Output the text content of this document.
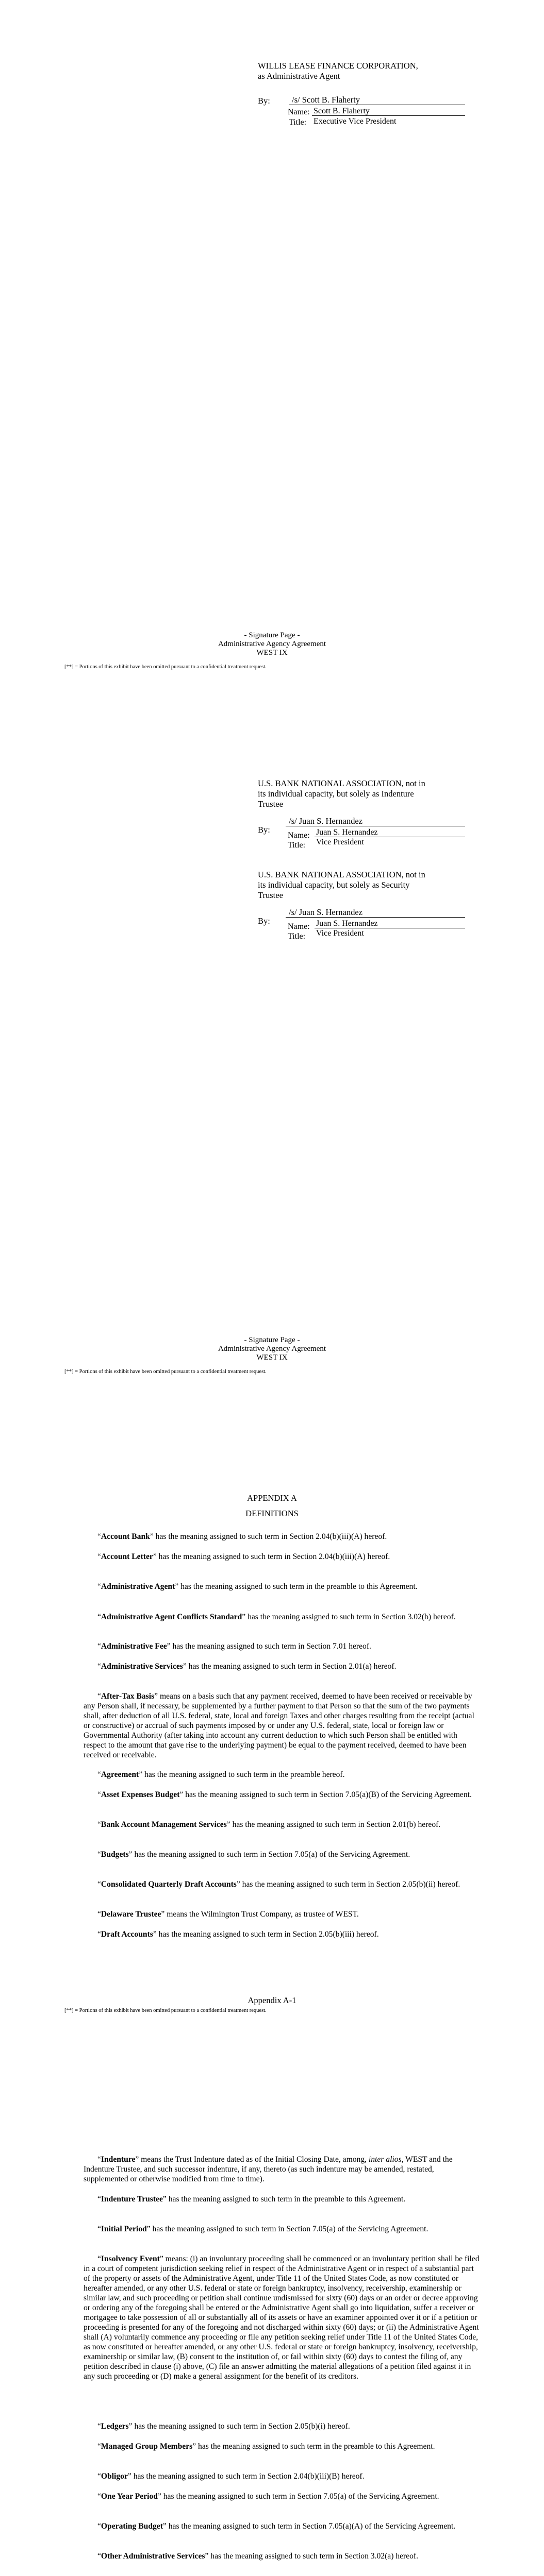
WILLIS LEASE FINANCE CORPORATION,
as Administrative Agent
By:	/s/ Scott B. Flaherty
Name: Scott B. Flaherty
Title: Executive Vice President
- Signature Page -
Administrative Agency Agreement
WEST IX
[**] = Portions of this exhibit have been omitted pursuant to a confidential treatment request.
U.S. BANK NATIONAL ASSOCIATION, not in
its individual capacity, but solely as Indenture
Trustee
By:
/s/ Juan S. Hernandez
Name: Juan S. Hernandez
Title: Vice President
U.S. BANK NATIONAL ASSOCIATION, not in
its individual capacity, but solely as Security
Trustee
By:
/s/ Juan S. Hernandez
Name: Juan S. Hernandez
Title: Vice President
- Signature Page -
Administrative Agency Agreement
WEST IX
[**] = Portions of this exhibit have been omitted pursuant to a confidential treatment request.
APPENDIX A
DEFINITIONS
“Account Bank” has the meaning assigned to such term in Section 2.04(b)(iii)(A) hereof.
“Account Letter” has the meaning assigned to such term in Section 2.04(b)(iii)(A) hereof.
“Administrative Agent” has the meaning assigned to such term in the preamble to this Agreement.
“Administrative Agent Conflicts Standard” has the meaning assigned to such term in Section 3.02(b) hereof.
“Administrative Fee” has the meaning assigned to such term in Section 7.01 hereof.
“Administrative Services” has the meaning assigned to such term in Section 2.01(a) hereof.
“After-Tax Basis” means on a basis such that any payment received, deemed to have been received or receivable by any Person shall, if necessary, be supplemented by a further payment to that Person so that the sum of the two payments shall, after deduction of all U.S. federal, state, local and foreign Taxes and other charges resulting from the receipt (actual or constructive) or accrual of such payments imposed by or under any U.S. federal, state, local or foreign law or Governmental Authority (after taking into account any current deduction to which such Person shall be entitled with respect to the amount that gave rise to the underlying payment) be equal to the payment received, deemed to have been received or receivable.
“Agreement” has the meaning assigned to such term in the preamble hereof.
“Asset Expenses Budget” has the meaning assigned to such term in Section 7.05(a)(B) of the Servicing Agreement.
“Bank Account Management Services” has the meaning assigned to such term in Section 2.01(b) hereof.
“Budgets” has the meaning assigned to such term in Section 7.05(a) of the Servicing Agreement.
“Consolidated Quarterly Draft Accounts” has the meaning assigned to such term in Section 2.05(b)(ii) hereof.
“Delaware Trustee” means the Wilmington Trust Company, as trustee of WEST.
“Draft Accounts” has the meaning assigned to such term in Section 2.05(b)(iii) hereof.
Appendix A-1
[**] = Portions of this exhibit have been omitted pursuant to a confidential treatment request.
“Indenture” means the Trust Indenture dated as of the Initial Closing Date, among, inter alios, WEST and the Indenture Trustee, and such successor indenture, if any, thereto (as such indenture may be amended, restated, supplemented or otherwise modified from time to time).
“Indenture Trustee” has the meaning assigned to such term in the preamble to this Agreement.
“Initial Period” has the meaning assigned to such term in Section 7.05(a) of the Servicing Agreement.
“Insolvency Event” means: (i) an involuntary proceeding shall be commenced or an involuntary petition shall be filed in a court of competent jurisdiction seeking relief in respect of the Administrative Agent or in respect of a substantial part of the property or assets of the Administrative Agent, under Title 11 of the United States Code, as now constituted or hereafter amended, or any other U.S. federal or state or foreign bankruptcy, insolvency, receivership, examinership or similar law, and such proceeding or petition shall continue undismissed for sixty (60) days or an order or decree approving or ordering any of the foregoing shall be entered or the Administrative Agent shall go into liquidation, suffer a receiver or mortgagee to take possession of all or substantially all of its assets or have an examiner appointed over it or if a petition or proceeding is presented for any of the foregoing and not discharged within sixty (60) days; or (ii) the Administrative Agent shall (A) voluntarily commence any proceeding or file any petition seeking relief under Title 11 of the United States Code, as now constituted or hereafter amended, or any other U.S. federal or state or foreign bankruptcy, insolvency, receivership, examinership or similar law, (B) consent to the institution of, or fail within sixty (60) days to contest the filing of, any petition described in clause (i) above, (C) file an answer admitting the material allegations of a petition filed against it in any such proceeding or (D) make a general assignment for the benefit of its creditors.
“Ledgers” has the meaning assigned to such term in Section 2.05(b)(i) hereof.
“Managed Group Members” has the meaning assigned to such term in the preamble to this Agreement.
“Obligor” has the meaning assigned to such term in Section 2.04(b)(iii)(B) hereof.
“One Year Period” has the meaning assigned to such term in Section 7.05(a) of the Servicing Agreement.
“Operating Budget” has the meaning assigned to such term in Section 7.05(a)(A) of the Servicing Agreement.
“Other Administrative Services” has the meaning assigned to such term in Section 3.02(a) hereof.
